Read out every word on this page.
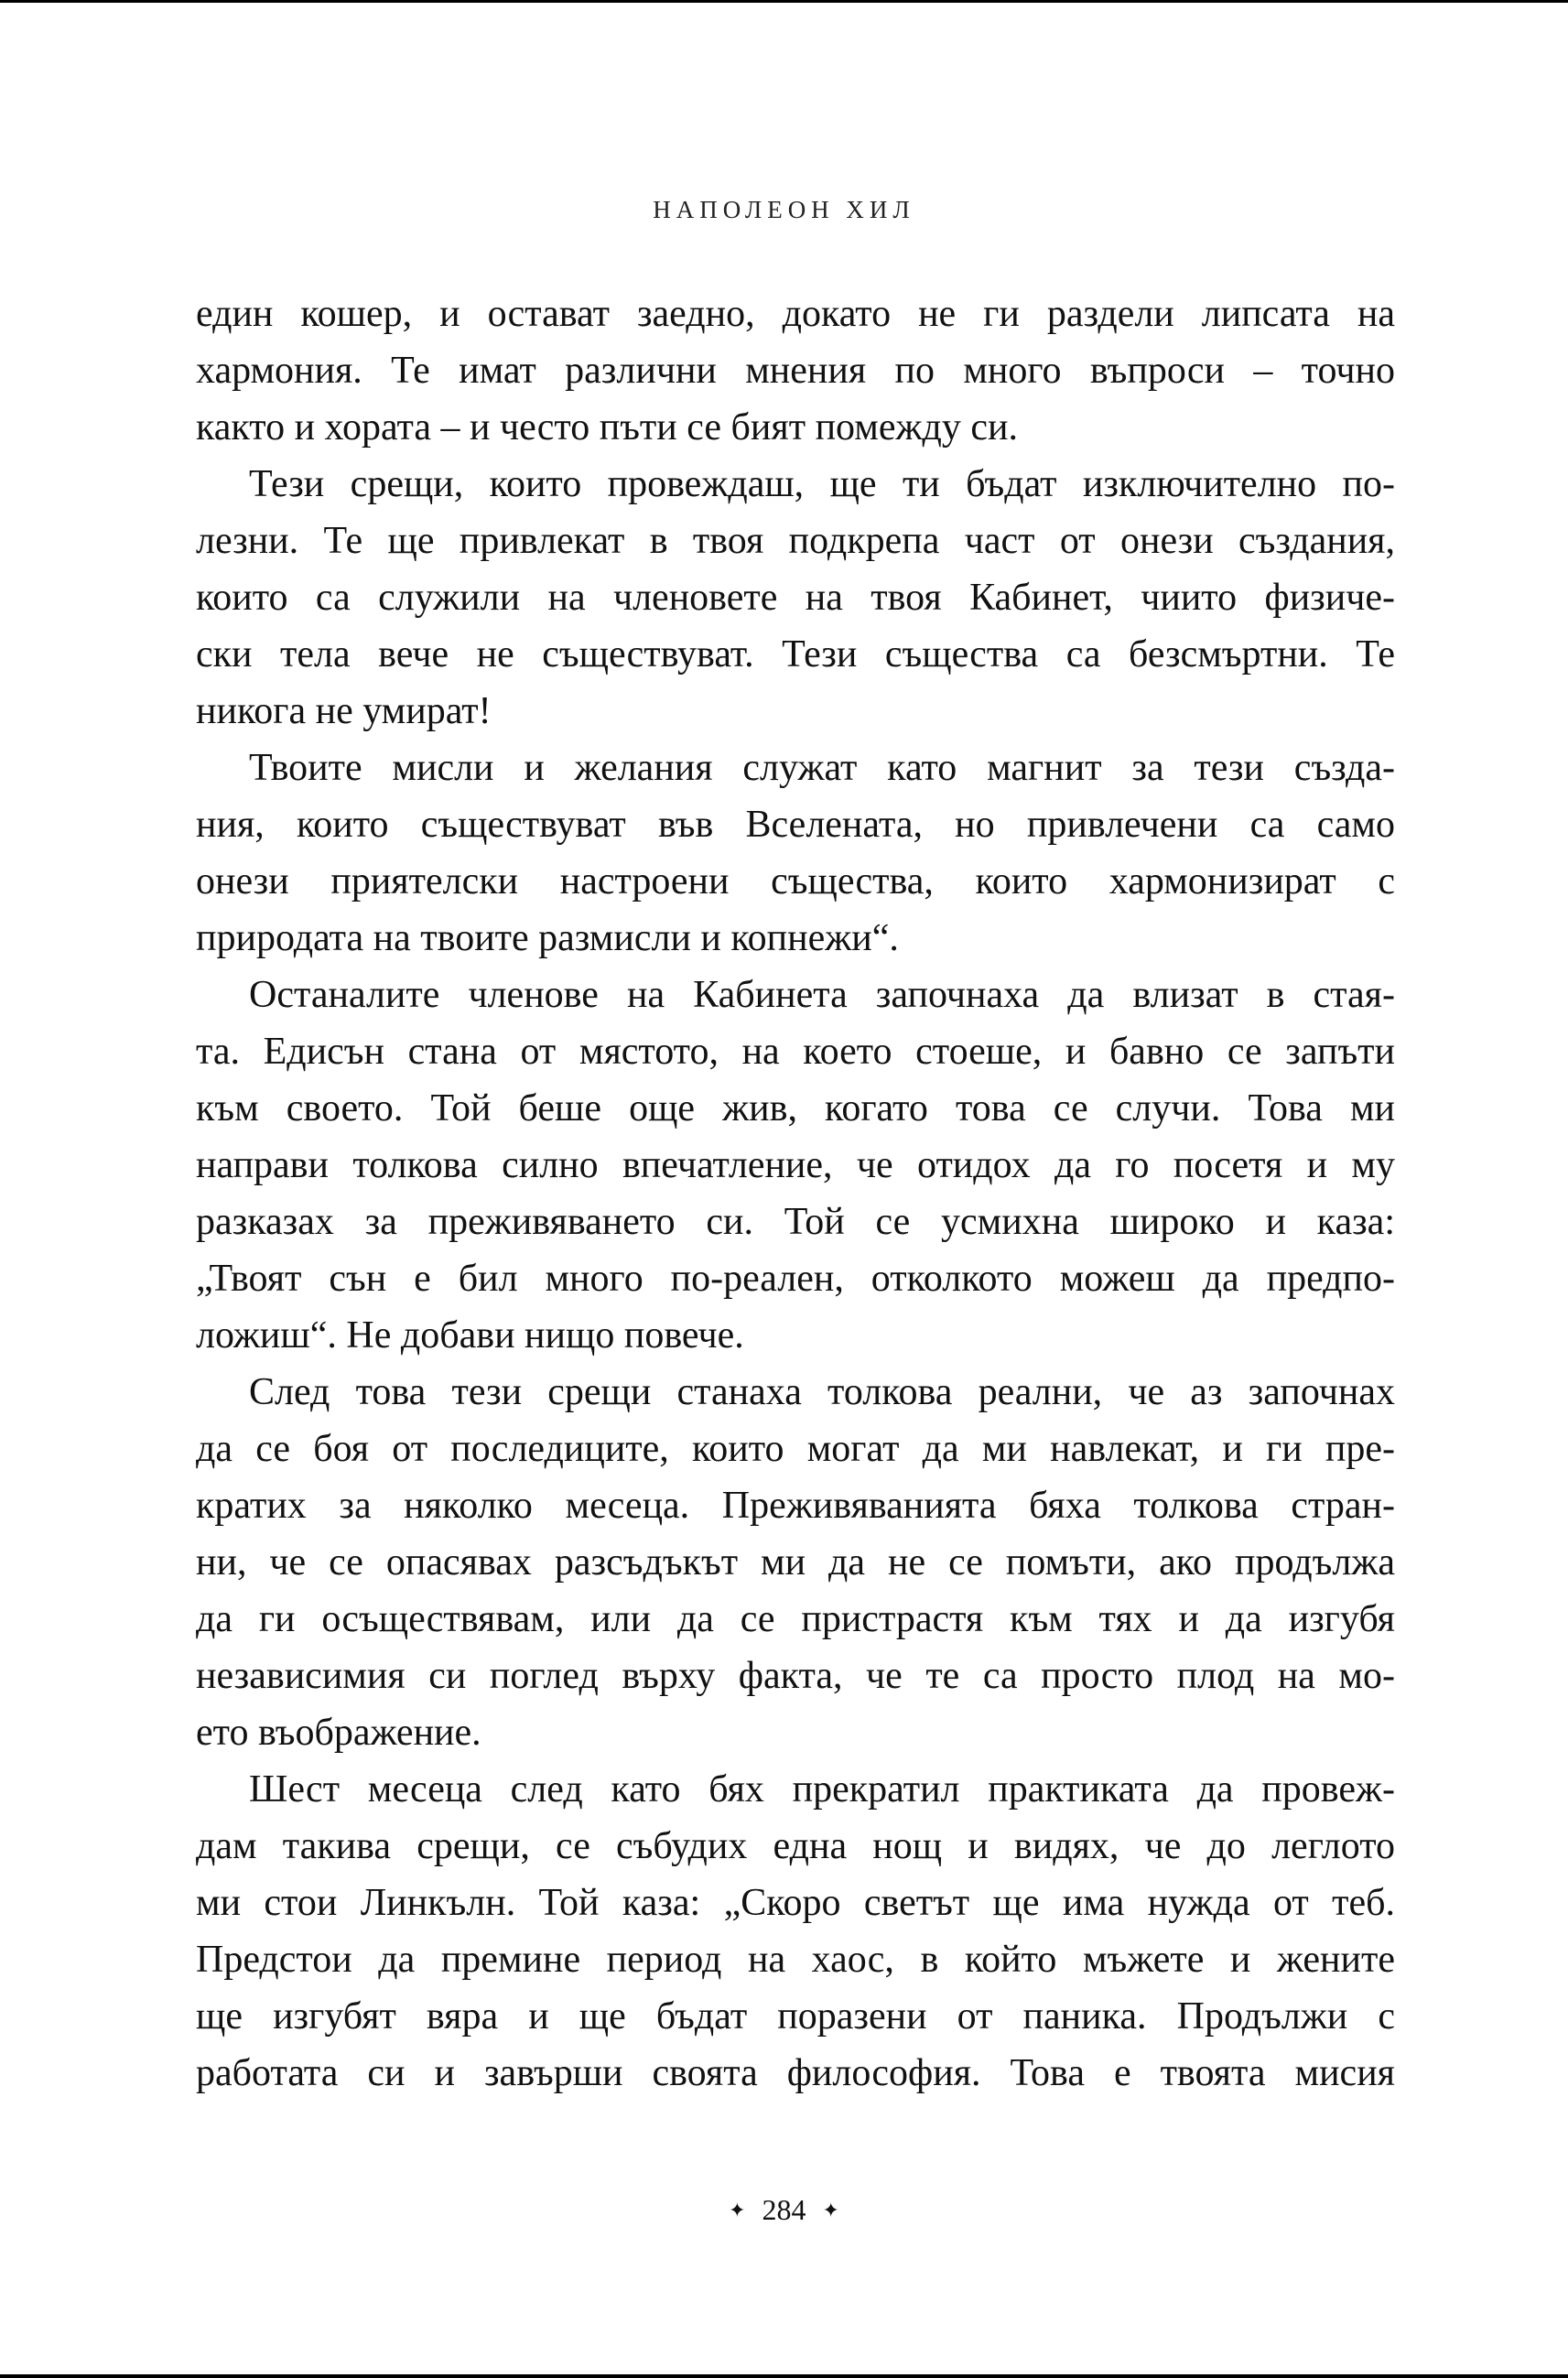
НАПОЛЕОН ХИЛ
един кошер, и остават заедно, докато не ги раздели липсата на
хармония. Те имат различни мнения по много въпроси – точно
както и хората – и често пъти се бият помежду си.
Тези срещи, които провеждаш, ще ти бъдат изключително по-
лезни. Те ще привлекат в твоя подкрепа част от онези създания,
които са служили на членовете на твоя Кабинет, чиито физиче-
ски тела вече не съществуват. Тези същества са безсмъртни. Те
никога не умират!
Твоите мисли и желания служат като магнит за тези създа-
ния, които съществуват във Вселената, но привлечени са само
онези приятелски настроени същества, които хармонизират с
природата на твоите размисли и копнежи“.
Останалите членове на Кабинета започнаха да влизат в стая-
та. Едисън стана от мястото, на което стоеше, и бавно се запъти
към своето. Той беше още жив, когато това се случи. Това ми
направи толкова силно впечатление, че отидох да го посетя и му
разказах за преживяването си. Той се усмихна широко и каза:
„Твоят сън е бил много по-реален, отколкото можеш да предпо-
ложиш“. Не добави нищо повече.
След това тези срещи станаха толкова реални, че аз започнах
да се боя от последиците, които могат да ми навлекат, и ги пре-
кратих за няколко месеца. Преживяванията бяха толкова стран-
ни, че се опасявах разсъдъкът ми да не се помъти, ако продължа
да ги осъществявам, или да се пристрастя към тях и да изгубя
независимия си поглед върху факта, че те са просто плод на мо-
ето въображение.
Шест месеца след като бях прекратил практиката да провеж-
дам такива срещи, се събудих една нощ и видях, че до леглото
ми стои Линкълн. Той каза: „Скоро светът ще има нужда от теб.
Предстои да премине период на хаос, в който мъжете и жените
ще изгубят вяра и ще бъдат поразени от паника. Продължи с
работата си и завърши своята философия. Това е твоята мисия
✦ 284 ✦
